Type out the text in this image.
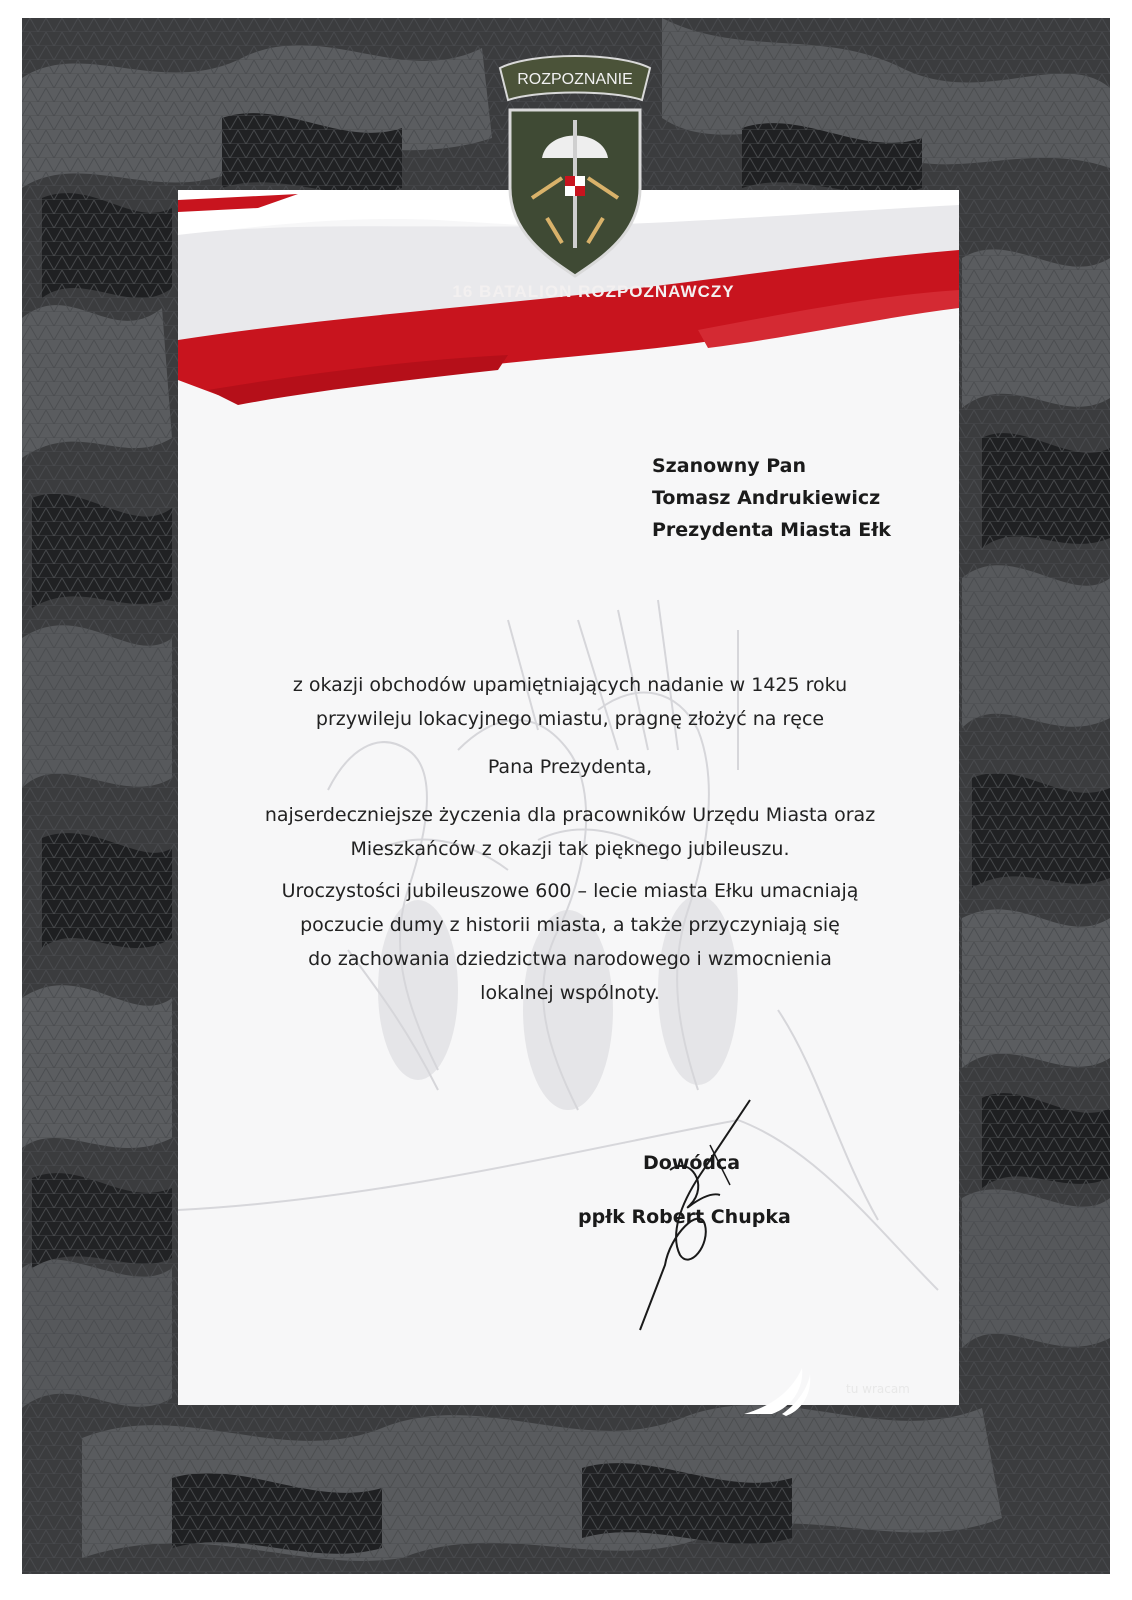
ROZPOZNANIE
16 BATALION ROZPOZNAWCZY
Szanowny Pan
Tomasz Andrukiewicz
Prezydenta Miasta Ełk

z okazji obchodów upamiętniających nadanie w 1425 roku

przywileju lokacyjnego miastu, pragnę złożyć na ręce

Pana Prezydenta,

najserdeczniejsze życzenia dla pracowników Urzędu Miasta oraz

Mieszkańców z okazji tak pięknego jubileuszu.

Uroczystości jubileuszowe 600 – lecie miasta Ełku umacniają

poczucie dumy z historii miasta, a także przyczyniają się

do zachowania dziedzictwa narodowego i wzmocnienia

lokalnej wspólnoty.

Dowódca
ppłk Robert Chupka
tu wracam
